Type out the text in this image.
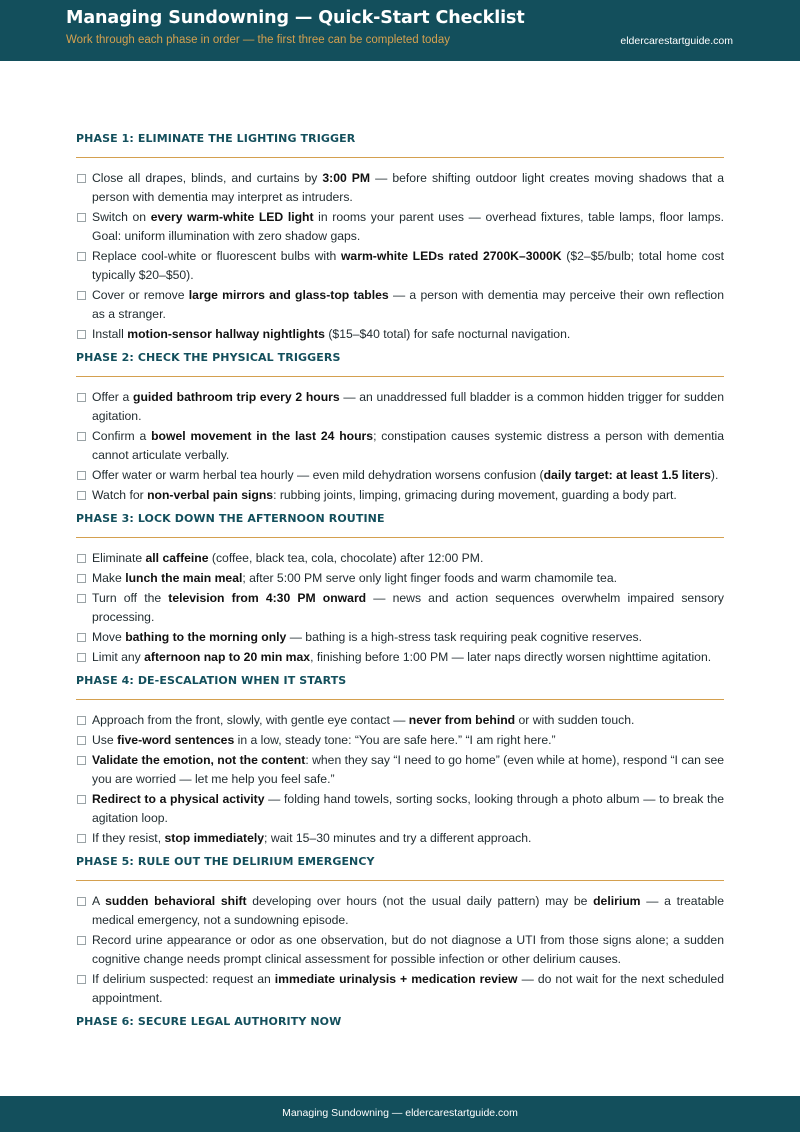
Managing Sundowning — Quick-Start Checklist
Work through each phase in order — the first three can be completed today	eldercarestartguide.com
PHASE 1: ELIMINATE THE LIGHTING TRIGGER
Close all drapes, blinds, and curtains by 3:00 PM — before shifting outdoor light creates moving shadows that a person with dementia may interpret as intruders.
Switch on every warm-white LED light in rooms your parent uses — overhead fixtures, table lamps, floor lamps. Goal: uniform illumination with zero shadow gaps.
Replace cool-white or fluorescent bulbs with warm-white LEDs rated 2700K–3000K ($2–$5/bulb; total home cost typically $20–$50).
Cover or remove large mirrors and glass-top tables — a person with dementia may perceive their own reflection as a stranger.
Install motion-sensor hallway nightlights ($15–$40 total) for safe nocturnal navigation.
PHASE 2: CHECK THE PHYSICAL TRIGGERS
Offer a guided bathroom trip every 2 hours — an unaddressed full bladder is a common hidden trigger for sudden agitation.
Confirm a bowel movement in the last 24 hours; constipation causes systemic distress a person with dementia cannot articulate verbally.
Offer water or warm herbal tea hourly — even mild dehydration worsens confusion (daily target: at least 1.5 liters).
Watch for non-verbal pain signs: rubbing joints, limping, grimacing during movement, guarding a body part.
PHASE 3: LOCK DOWN THE AFTERNOON ROUTINE
Eliminate all caffeine (coffee, black tea, cola, chocolate) after 12:00 PM.
Make lunch the main meal; after 5:00 PM serve only light finger foods and warm chamomile tea.
Turn off the television from 4:30 PM onward — news and action sequences overwhelm impaired sensory processing.
Move bathing to the morning only — bathing is a high-stress task requiring peak cognitive reserves.
Limit any afternoon nap to 20 min max, finishing before 1:00 PM — later naps directly worsen nighttime agitation.
PHASE 4: DE-ESCALATION WHEN IT STARTS
Approach from the front, slowly, with gentle eye contact — never from behind or with sudden touch.
Use five-word sentences in a low, steady tone: “You are safe here.” “I am right here.”
Validate the emotion, not the content: when they say “I need to go home” (even while at home), respond “I can see you are worried — let me help you feel safe.”
Redirect to a physical activity — folding hand towels, sorting socks, looking through a photo album — to break the agitation loop.
If they resist, stop immediately; wait 15–30 minutes and try a different approach.
PHASE 5: RULE OUT THE DELIRIUM EMERGENCY
A sudden behavioral shift developing over hours (not the usual daily pattern) may be delirium — a treatable medical emergency, not a sundowning episode.
Record urine appearance or odor as one observation, but do not diagnose a UTI from those signs alone; a sudden cognitive change needs prompt clinical assessment for possible infection or other delirium causes.
If delirium suspected: request an immediate urinalysis + medication review — do not wait for the next scheduled appointment.
PHASE 6: SECURE LEGAL AUTHORITY NOW
Managing Sundowning — eldercarestartguide.com
